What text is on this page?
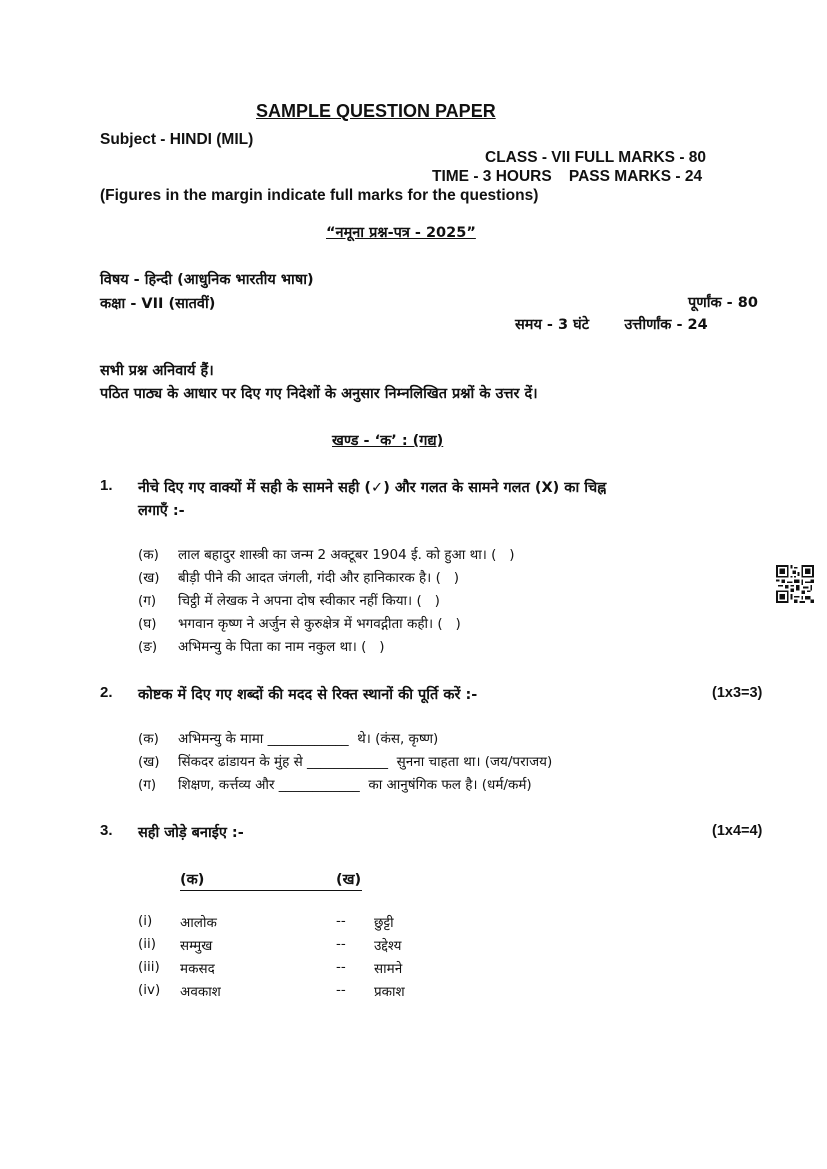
SAMPLE QUESTION PAPER
Subject - HINDI (MIL)
CLASS - VII FULL MARKS - 80
TIME - 3 HOURS    PASS MARKS - 24
(Figures in the margin indicate full marks for the questions)
“नमूना प्रश्न-पत्र - 2025”
विषय - हिन्दी (आधुनिक भारतीय भाषा)
कक्षा - VII (सातवीं)	पूर्णांक - 80
समय - 3 घंटे       उत्तीर्णांक - 24
सभी प्रश्न अनिवार्य हैं।
पठित पाठ्य के आधार पर दिए गए निदेशों के अनुसार निम्नलिखित प्रश्नों के उत्तर दें।
खण्ड - ‘क’ : (गद्य)
1. नीचे दिए गए वाक्यों में सही के सामने सही (✓) और गलत के सामने गलत (X) का चिह्न
लगाएँ :-
(क) लाल बहादुर शास्त्री का जन्म 2 अक्टूबर 1904 ई. को हुआ था। (   )
(ख) बीड़ी पीने की आदत जंगली, गंदी और हानिकारक है। (   )
(ग) चिट्ठी में लेखक ने अपना दोष स्वीकार नहीं किया। (   )
(घ) भगवान कृष्ण ने अर्जुन से कुरुक्षेत्र में भगवद्गीता कही। (   )
(ङ) अभिमन्यु के पिता का नाम नकुल था। (   )
2. कोष्टक में दिए गए शब्दों की मदद से रिक्त स्थानों की पूर्ति करें :-	(1x3=3)
(क) अभिमन्यु के मामा ____________  थे। (कंस, कृष्ण)
(ख) सिंकदर ढांडायन के मुंह से ____________  सुनना चाहता था। (जय/पराजय)
(ग) शिक्षण, कर्त्तव्य और ____________  का आनुषंगिक फल है। (धर्म/कर्म)
3. सही जोड़े बनाईए :-	(1x4=4)
(क)	(ख)
(i) आलोक	-- छुट्टी
(ii) सम्मुख	-- उद्देश्य
(iii) मकसद	-- सामने
(iv) अवकाश	-- प्रकाश
